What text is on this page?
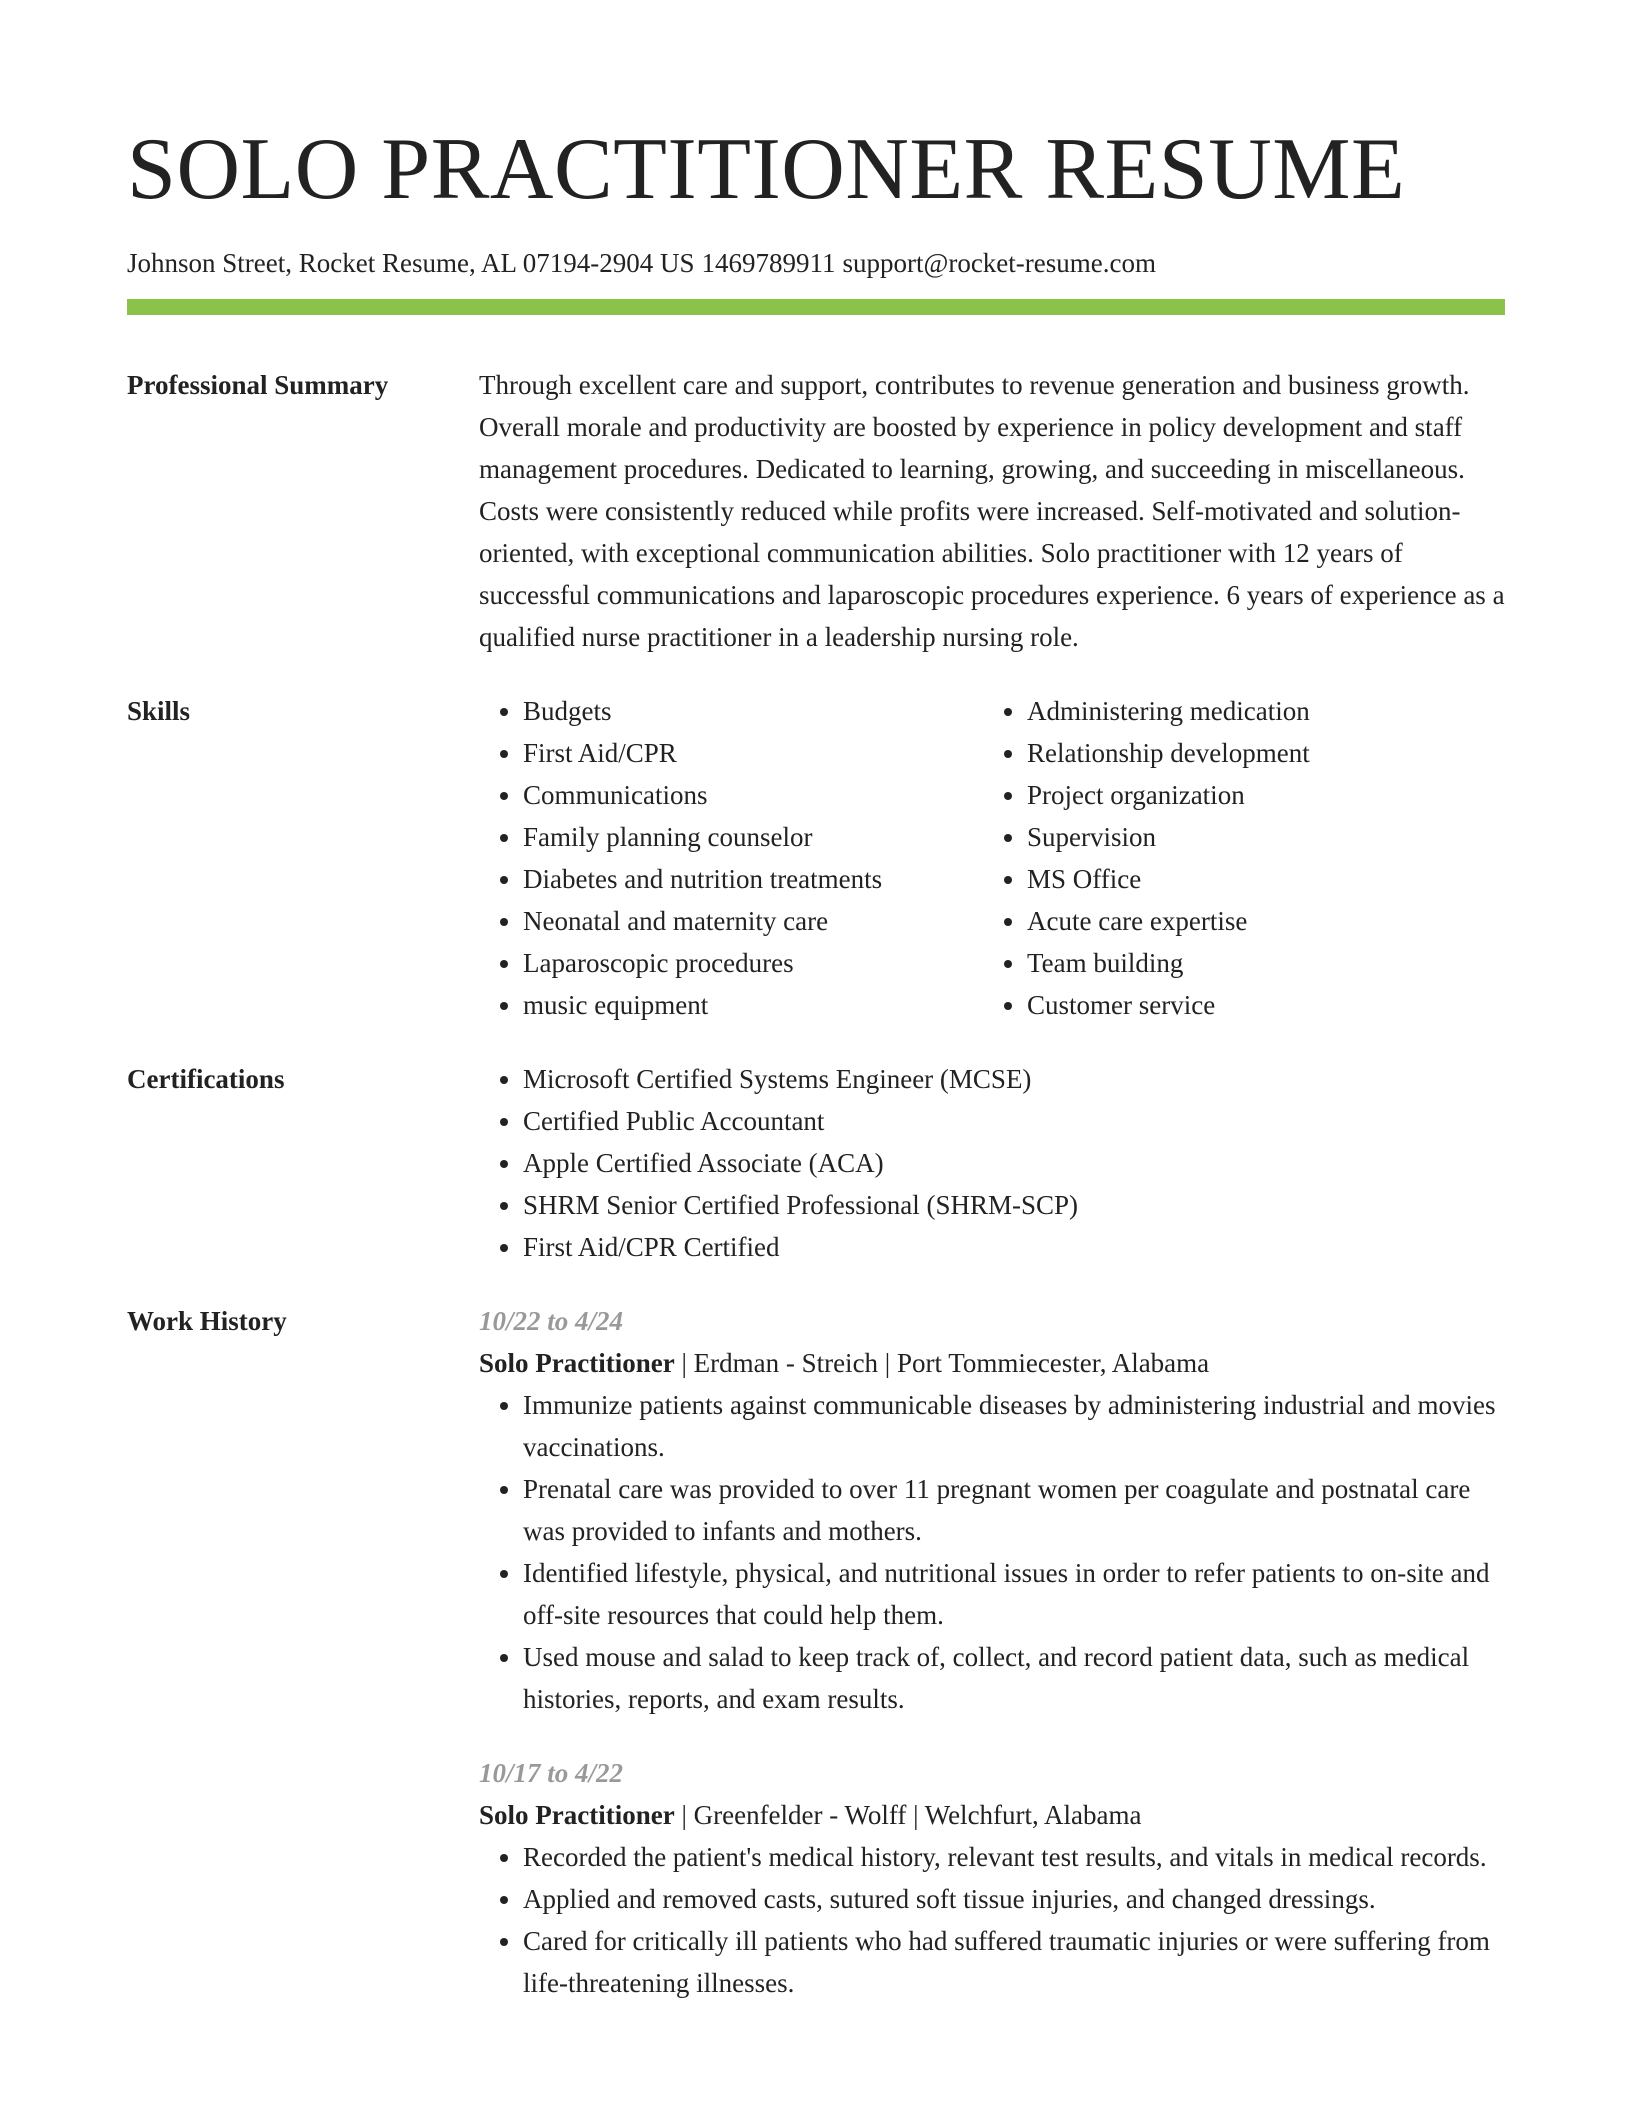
SOLO PRACTITIONER RESUME
Johnson Street, Rocket Resume, AL 07194-2904 US 1469789911 support@rocket-resume.com
Professional Summary	Through excellent care and support, contributes to revenue generation and business growth. Overall morale and productivity are boosted by experience in policy development and staff management procedures. Dedicated to learning, growing, and succeeding in miscellaneous. Costs were consistently reduced while profits were increased. Self-motivated and solution-oriented, with exceptional communication abilities. Solo practitioner with 12 years of successful communications and laparoscopic procedures experience. 6 years of experience as a qualified nurse practitioner in a leadership nursing role.

Skills	• Budgets
• First Aid/CPR
• Communications
• Family planning counselor
• Diabetes and nutrition treatments
• Neonatal and maternity care
• Laparoscopic procedures
• music equipment
• Administering medication
• Relationship development
• Project organization
• Supervision
• MS Office
• Acute care expertise
• Team building
• Customer service
Certifications	• Microsoft Certified Systems Engineer (MCSE)
• Certified Public Accountant
• Apple Certified Associate (ACA)
• SHRM Senior Certified Professional (SHRM-SCP)
• First Aid/CPR Certified
Work History	10/22 to 4/24
Solo Practitioner | Erdman - Streich | Port Tommiecester, Alabama
• Immunize patients against communicable diseases by administering industrial and movies vaccinations.
• Prenatal care was provided to over 11 pregnant women per coagulate and postnatal care was provided to infants and mothers.
• Identified lifestyle, physical, and nutritional issues in order to refer patients to on-site and off-site resources that could help them.
• Used mouse and salad to keep track of, collect, and record patient data, such as medical histories, reports, and exam results.
10/17 to 4/22
Solo Practitioner | Greenfelder - Wolff | Welchfurt, Alabama
• Recorded the patient's medical history, relevant test results, and vitals in medical records.
• Applied and removed casts, sutured soft tissue injuries, and changed dressings.
• Cared for critically ill patients who had suffered traumatic injuries or were suffering from life-threatening illnesses.
